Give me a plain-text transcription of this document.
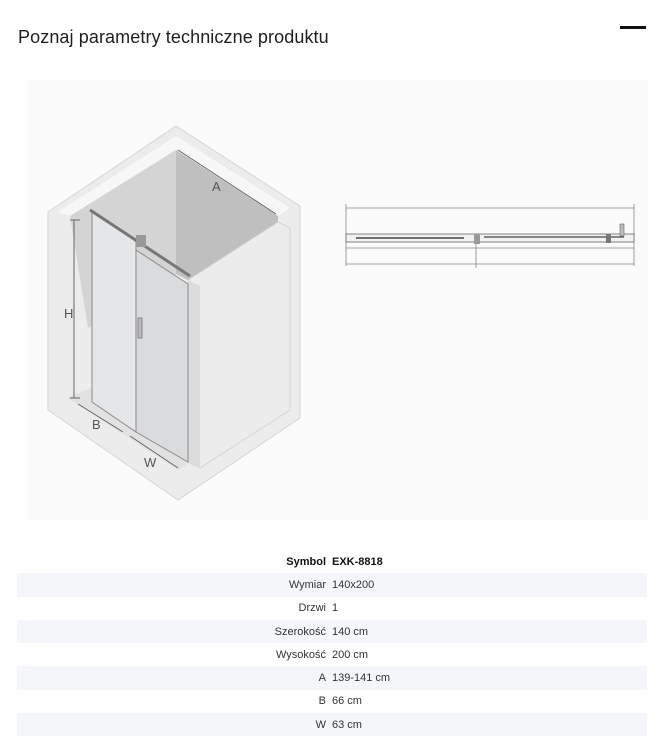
Poznaj parametry techniczne produktu
H
B
W
A
Symbol EXK-8818
Wymiar 140x200
Drzwi 1
Szerokość 140 cm
Wysokość 200 cm
A 139-141 cm
B 66 cm
W 63 cm
